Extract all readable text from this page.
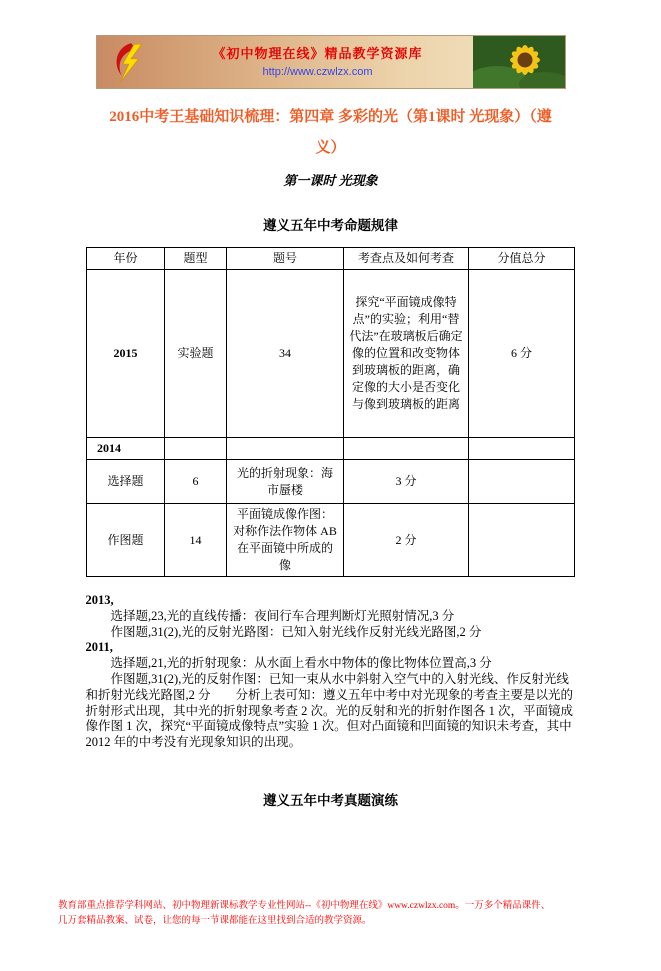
《初中物理在线》精品教学资源库
http://www.czwlzx.com
2016中考王基础知识梳理：第四章 多彩的光（第1课时 光现象）（遵
义）
第一课时 光现象
遵义五年中考命题规律
年份	题型	题号	考查点及如何考查	分值总分
2015	实验题	34	探究“平面镜成像特点”的实验；利用“替代法”在玻璃板后确定像的位置和改变物体到玻璃板的距离，确定像的大小是否变化与像到玻璃板的距离	6 分
2014				
选择题	6	光的折射现象：海市蜃楼	3 分	
作图题	14	平面镜成像作图：对称作法作物体 AB 在平面镜中所成的像	2 分	

2013,

选择题,23,光的直线传播：夜间行车合理判断灯光照射情况,3 分

作图题,31(2),光的反射光路图：已知入射光线作反射光线光路图,2 分

2011,

选择题,21,光的折射现象：从水面上看水中物体的像比物体位置高,3 分

作图题,31(2),光的反射作图：已知一束从水中斜射入空气中的入射光线、作反射光线和折射光线光路图,2 分　　分析上表可知：遵义五年中考中对光现象的考查主要是以光的折射形式出现，其中光的折射现象考查 2 次。光的反射和光的折射作图各 1 次，平面镜成像作图 1 次，探究“平面镜成像特点”实验 1 次。但对凸面镜和凹面镜的知识未考查，其中 2012 年的中考没有光现象知识的出现。

遵义五年中考真题演练
教育部重点推荐学科网站、初中物理新课标教学专业性网站--《初中物理在线》www.czwlzx.com。一万多个精品课件、
几万套精品教案、试卷，让您的每一节课都能在这里找到合适的教学资源。
